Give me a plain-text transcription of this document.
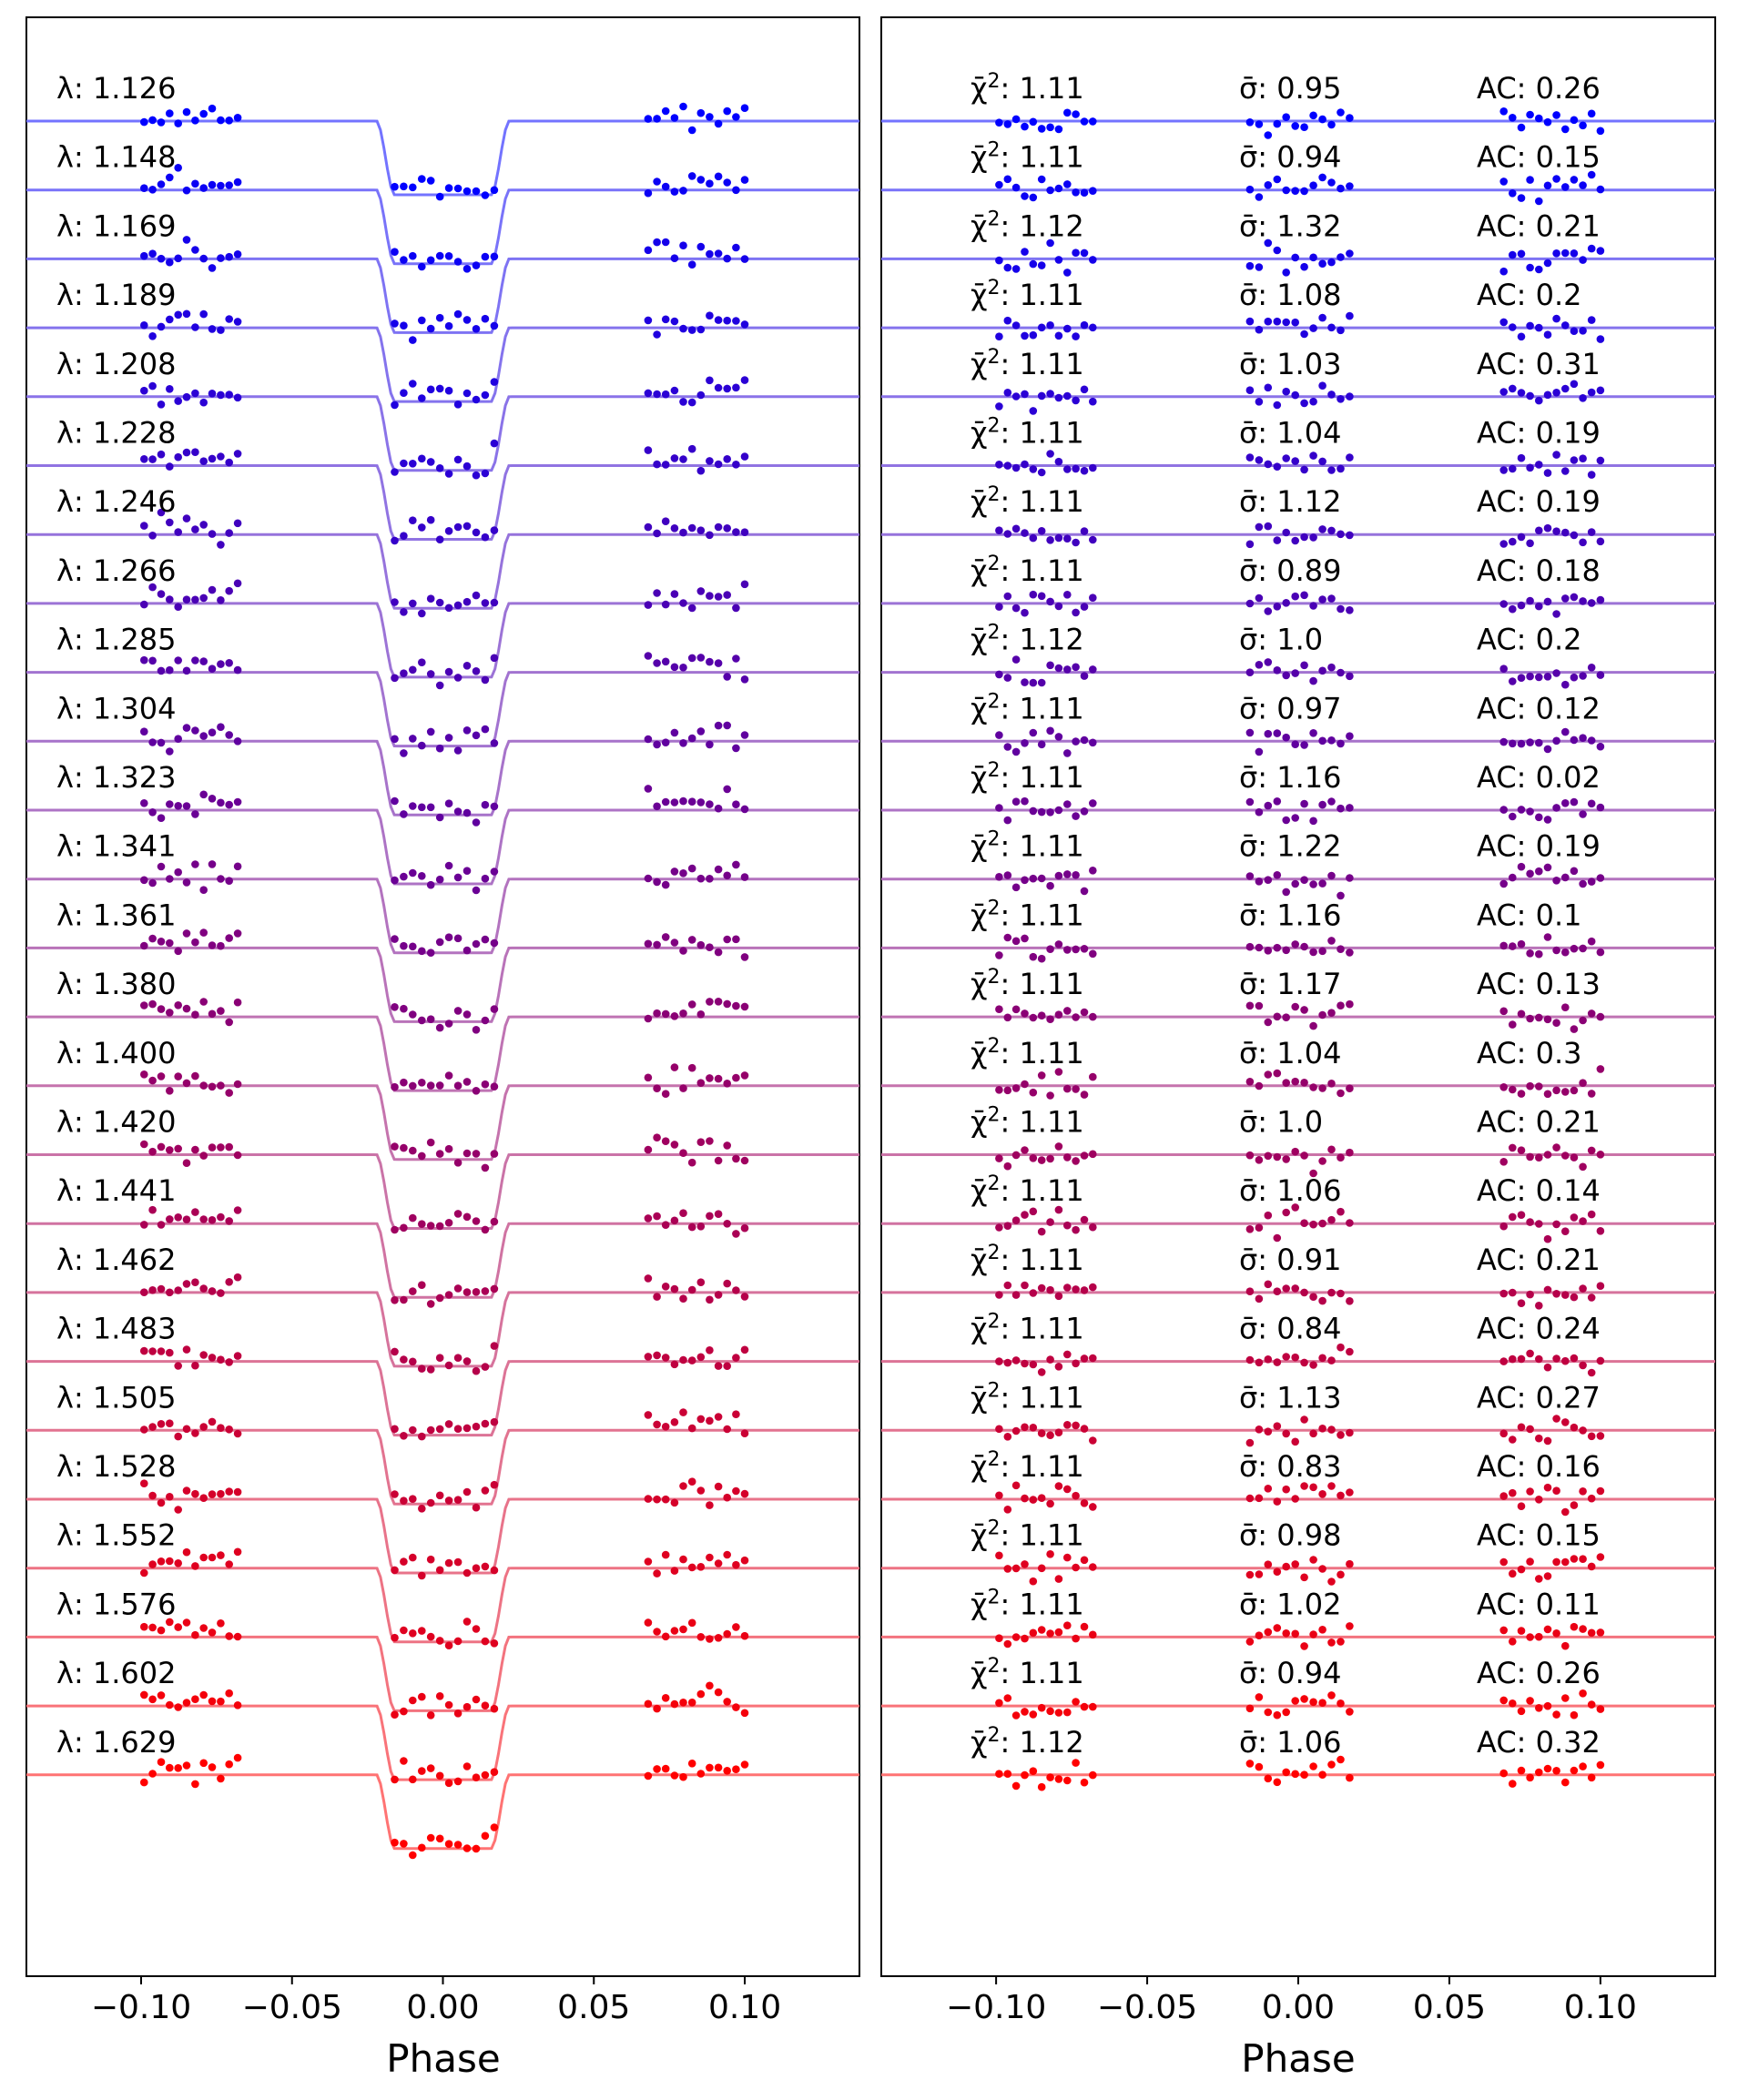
λ: 1.126
λ: 1.148
λ: 1.169
λ: 1.189
λ: 1.208
λ: 1.228
λ: 1.246
λ: 1.266
λ: 1.285
λ: 1.304
λ: 1.323
λ: 1.341
λ: 1.361
λ: 1.380
λ: 1.400
λ: 1.420
λ: 1.441
λ: 1.462
λ: 1.483
λ: 1.505
λ: 1.528
λ: 1.552
λ: 1.576
λ: 1.602
λ: 1.629
−0.10 −0.05 0.00 0.05 0.10
Phase
χ̄$^2$: 1.11	σ̄: 0.95	AC: 0.26
χ̄$^2$: 1.11	σ̄: 0.94	AC: 0.15
χ̄$^2$: 1.12	σ̄: 1.32	AC: 0.21
χ̄$^2$: 1.11	σ̄: 1.08	AC: 0.2
χ̄$^2$: 1.11	σ̄: 1.03	AC: 0.31
χ̄$^2$: 1.11	σ̄: 1.04	AC: 0.19
χ̄$^2$: 1.11	σ̄: 1.12	AC: 0.19
χ̄$^2$: 1.11	σ̄: 0.89	AC: 0.18
χ̄$^2$: 1.12	σ̄: 1.0	AC: 0.2
χ̄$^2$: 1.11	σ̄: 0.97	AC: 0.12
χ̄$^2$: 1.11	σ̄: 1.16	AC: 0.02
χ̄$^2$: 1.11	σ̄: 1.22	AC: 0.19
χ̄$^2$: 1.11	σ̄: 1.16	AC: 0.1
χ̄$^2$: 1.11	σ̄: 1.17	AC: 0.13
χ̄$^2$: 1.11	σ̄: 1.04	AC: 0.3
χ̄$^2$: 1.11	σ̄: 1.0	AC: 0.21
χ̄$^2$: 1.11	σ̄: 1.06	AC: 0.14
χ̄$^2$: 1.11	σ̄: 0.91	AC: 0.21
χ̄$^2$: 1.11	σ̄: 0.84	AC: 0.24
χ̄$^2$: 1.11	σ̄: 1.13	AC: 0.27
χ̄$^2$: 1.11	σ̄: 0.83	AC: 0.16
χ̄$^2$: 1.11	σ̄: 0.98	AC: 0.15
χ̄$^2$: 1.11	σ̄: 1.02	AC: 0.11
χ̄$^2$: 1.11	σ̄: 0.94	AC: 0.26
χ̄$^2$: 1.12	σ̄: 1.06	AC: 0.32
−0.10 −0.05 0.00 0.05 0.10
Phase
